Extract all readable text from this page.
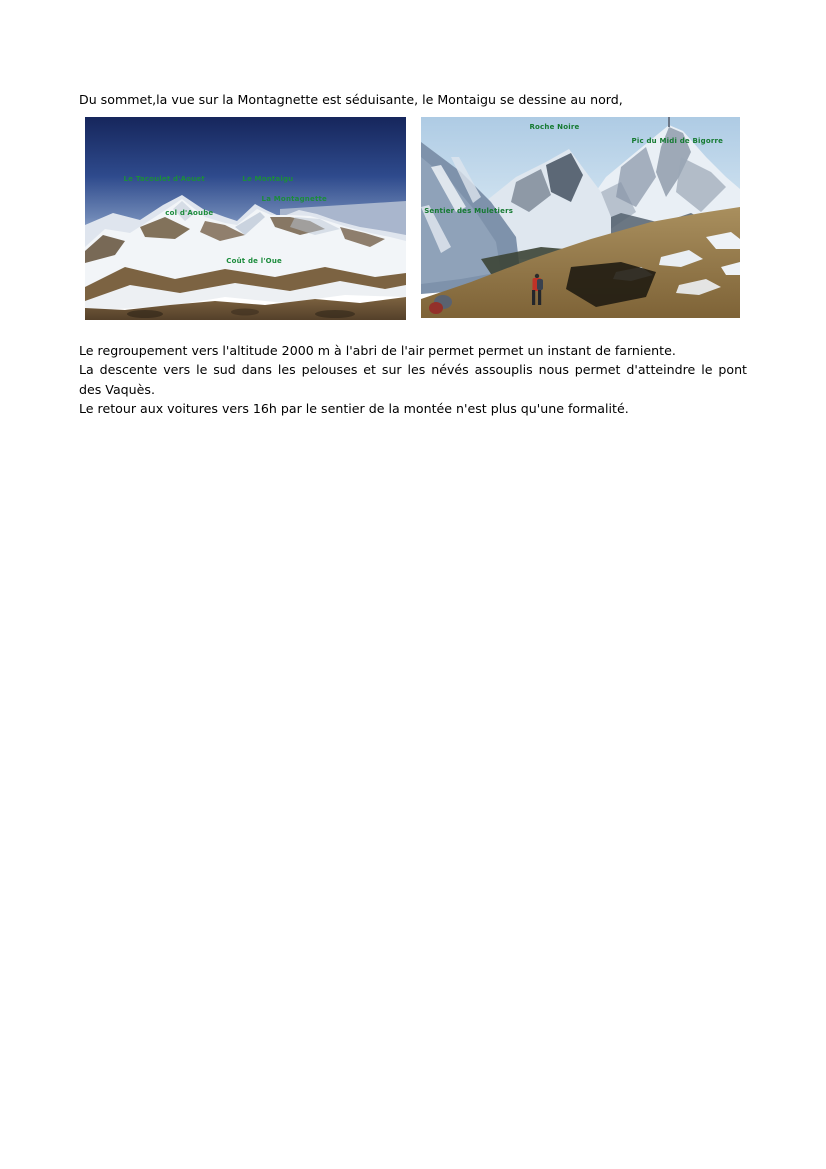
Du sommet,la vue sur la Montagnette est séduisante, le Montaigu se dessine au nord,

Le Tacoulet d'Aouet	Le Montaigu
La Montagnette
col d'Aoube
Coût de l'Oue
Roche Noire
Pic du Midi de Bigorre
Sentier des Muletiers
Le regroupement vers l'altitude 2000 m à l'abri de l'air permet permet un instant de farniente.
La descente vers le sud dans les pelouses et sur les névés assouplis nous permet d'atteindre le pont
des Vaquès.
Le retour aux voitures vers 16h par le sentier de la montée n'est plus qu'une formalité.
